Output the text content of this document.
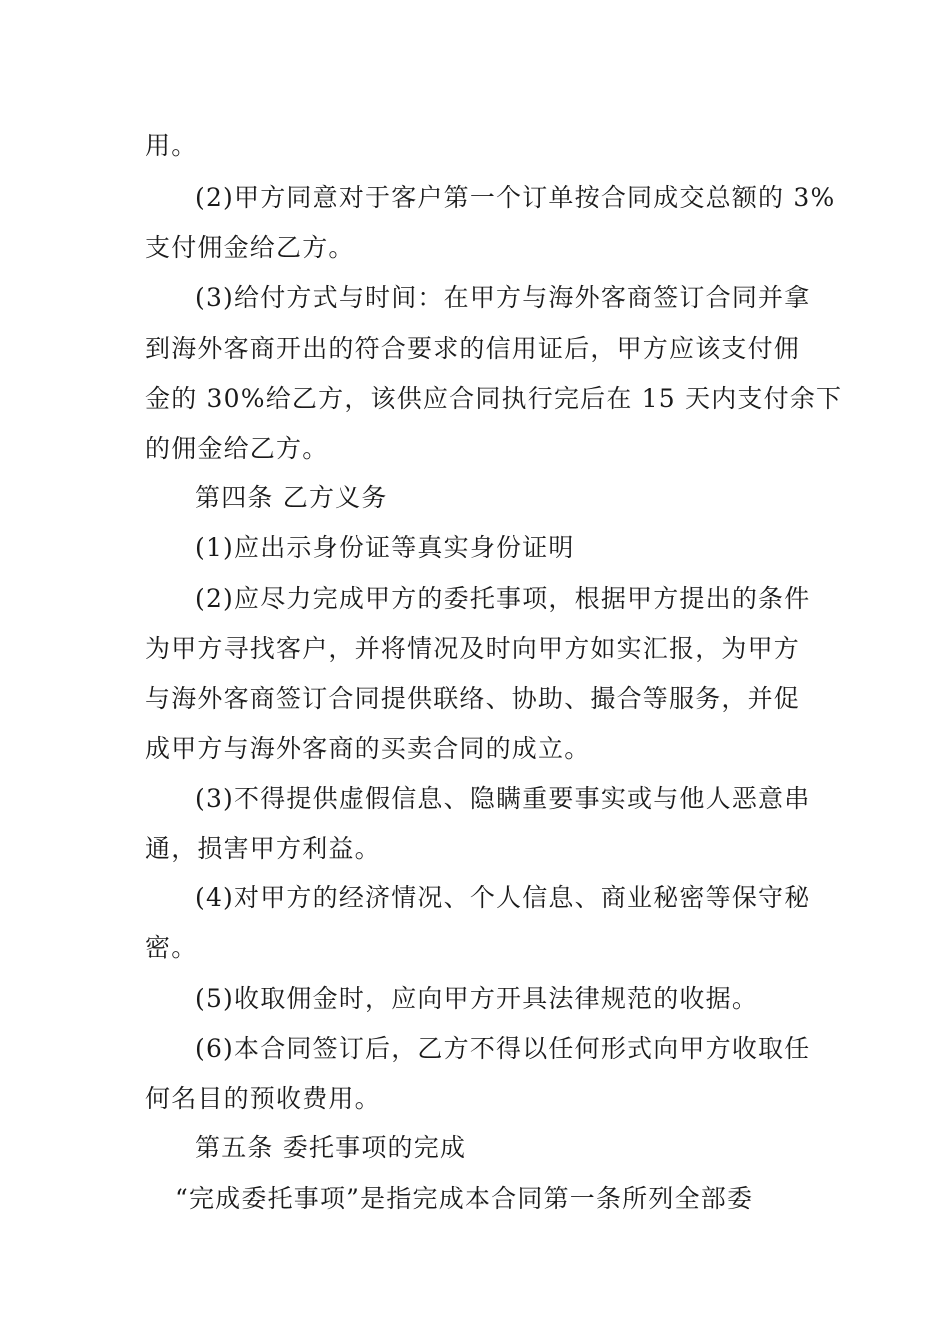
用。
(2)甲方同意对于客户第一个订单按合同成交总额的 3%
支付佣金给乙方。
(3)给付方式与时间：在甲方与海外客商签订合同并拿
到海外客商开出的符合要求的信用证后，甲方应该支付佣
金的 30%给乙方，该供应合同执行完后在 15 天内支付余下
的佣金给乙方。
第四条 乙方义务
(1)应出示身份证等真实身份证明
(2)应尽力完成甲方的委托事项，根据甲方提出的条件
为甲方寻找客户，并将情况及时向甲方如实汇报，为甲方
与海外客商签订合同提供联络、协助、撮合等服务，并促
成甲方与海外客商的买卖合同的成立。
(3)不得提供虚假信息、隐瞒重要事实或与他人恶意串
通，损害甲方利益。
(4)对甲方的经济情况、个人信息、商业秘密等保守秘
密。
(5)收取佣金时，应向甲方开具法律规范的收据。
(6)本合同签订后，乙方不得以任何形式向甲方收取任
何名目的预收费用。
第五条 委托事项的完成
“完成委托事项”是指完成本合同第一条所列全部委
